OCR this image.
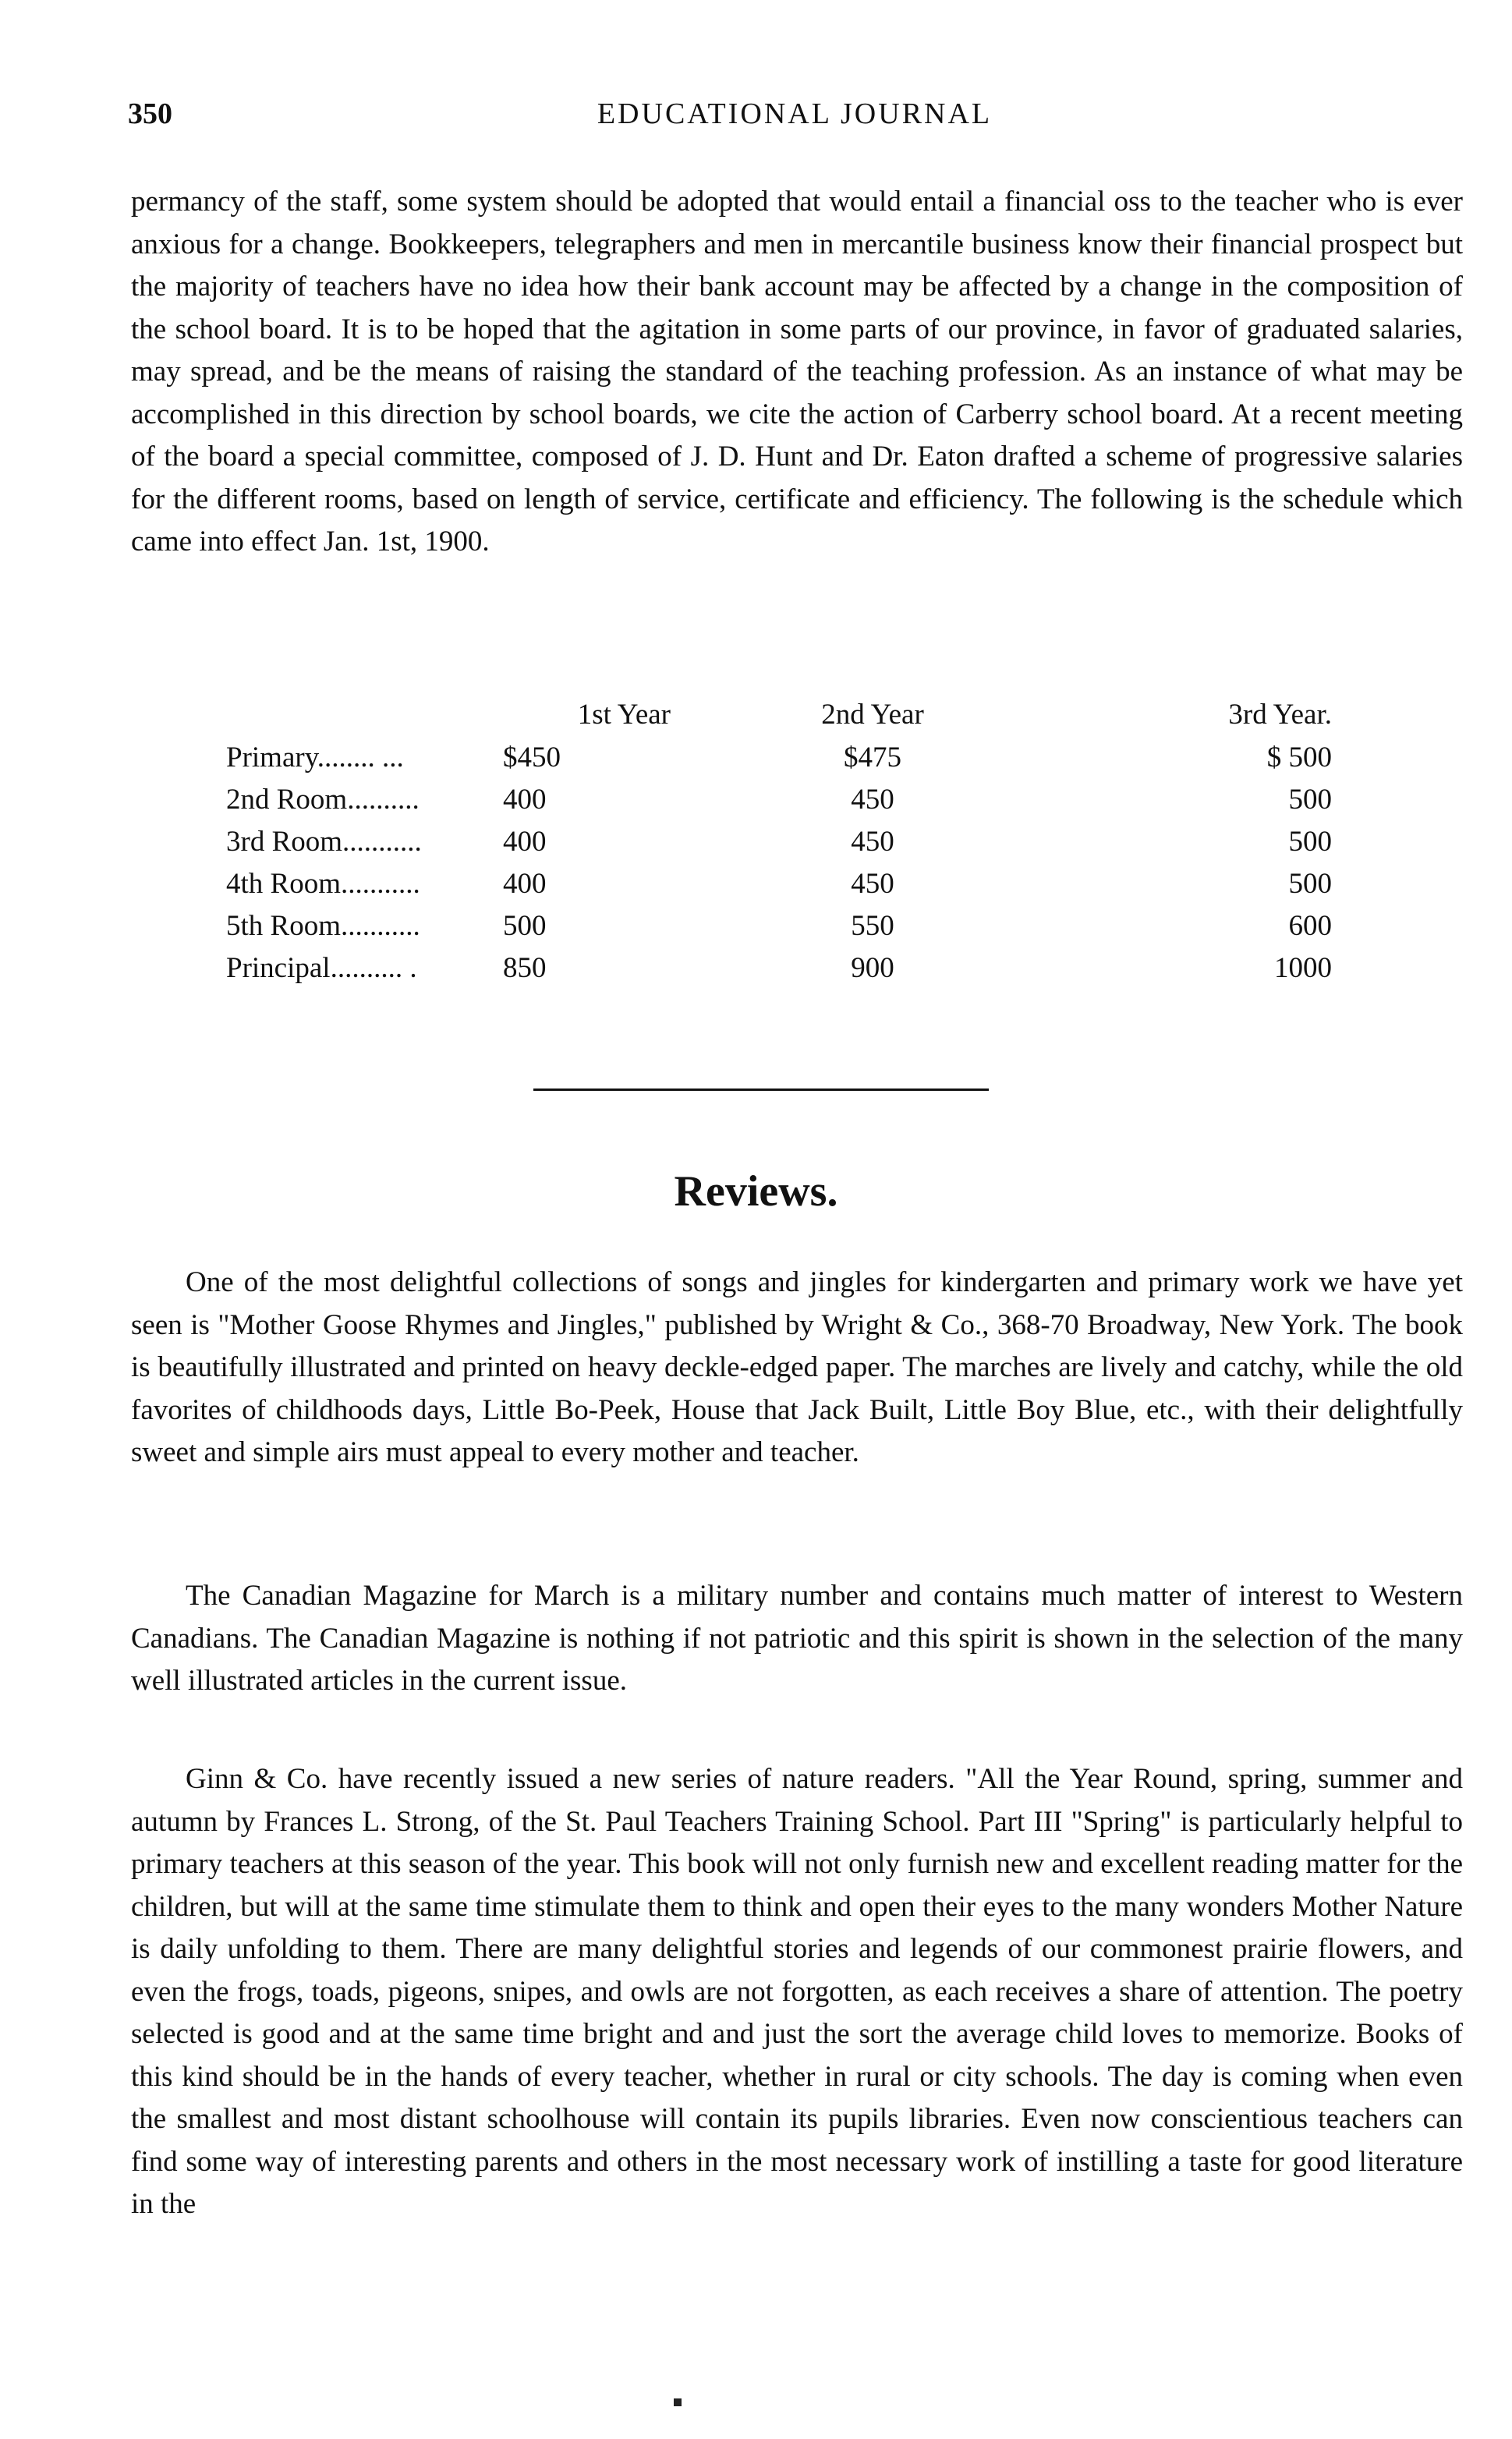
350	EDUCATIONAL JOURNAL

permancy of the staff, some system should be adopted that would entail a financial oss to the teacher who is ever anxious for a change. Bookkeepers, telegraphers and men in mercantile business know their financial prospect but the majority of teachers have no idea how their bank account may be affected by a change in the composition of the school board. It is to be hoped that the agitation in some parts of our province, in favor of graduated salaries, may spread, and be the means of raising the standard of the teaching profession. As an instance of what may be accomplished in this direction by school boards, we cite the action of Carberry school board. At a recent meeting of the board a special committee, composed of J. D. Hunt and Dr. Eaton drafted a scheme of progressive salaries for the different rooms, based on length of service, certificate and efficiency. The following is the schedule which came into effect Jan. 1st, 1900.

	1st Year	2nd Year	3rd Year.
Primary........ ...	$450	$475	$ 500
2nd Room..........	400	450	500
3rd Room...........	400	450	500
4th Room...........	400	450	500
5th Room...........	500	550	600
Principal.......... .	850	900	1000
Reviews.

One of the most delightful collections of songs and jingles for kindergarten and primary work we have yet seen is "Mother Goose Rhymes and Jingles," published by Wright & Co., 368-70 Broadway, New York. The book is beautifully illustrated and printed on heavy deckle-edged paper. The marches are lively and catchy, while the old favorites of childhoods days, Little Bo-Peek, House that Jack Built, Little Boy Blue, etc., with their delightfully sweet and simple airs must appeal to every mother and teacher.

The Canadian Magazine for March is a military number and contains much matter of interest to Western Canadians. The Canadian Magazine is nothing if not patriotic and this spirit is shown in the selection of the many well illustrated articles in the current issue.

Ginn & Co. have recently issued a new series of nature readers. "All the Year Round, spring, summer and autumn by Frances L. Strong, of the St. Paul Teachers Training School. Part III "Spring" is particularly helpful to primary teachers at this season of the year. This book will not only furnish new and excellent reading matter for the children, but will at the same time stimulate them to think and open their eyes to the many wonders Mother Nature is daily unfolding to them. There are many delightful stories and legends of our commonest prairie flowers, and even the frogs, toads, pigeons, snipes, and owls are not forgotten, as each receives a share of attention. The poetry selected is good and at the same time bright and and just the sort the average child loves to memorize. Books of this kind should be in the hands of every teacher, whether in rural or city schools. The day is coming when even the smallest and most distant schoolhouse will contain its pupils libraries. Even now conscientious teachers can find some way of interesting parents and others in the most necessary work of instilling a taste for good literature in the
